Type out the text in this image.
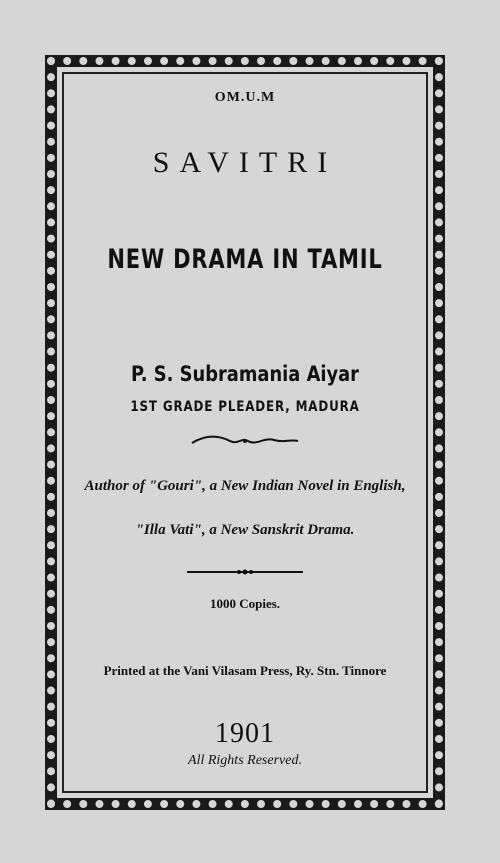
OM.U.M
SAVITRI
NEW DRAMA IN TAMIL
P. S. Subramania Aiyar
1ST GRADE PLEADER, MADURA
Author of "Gouri", a New Indian Novel in English,
"Illa Vati", a New Sanskrit Drama.
1000 Copies.
Printed at the Vani Vilasam Press, Ry. Stn. Tinnore
1901
All Rights Reserved.
